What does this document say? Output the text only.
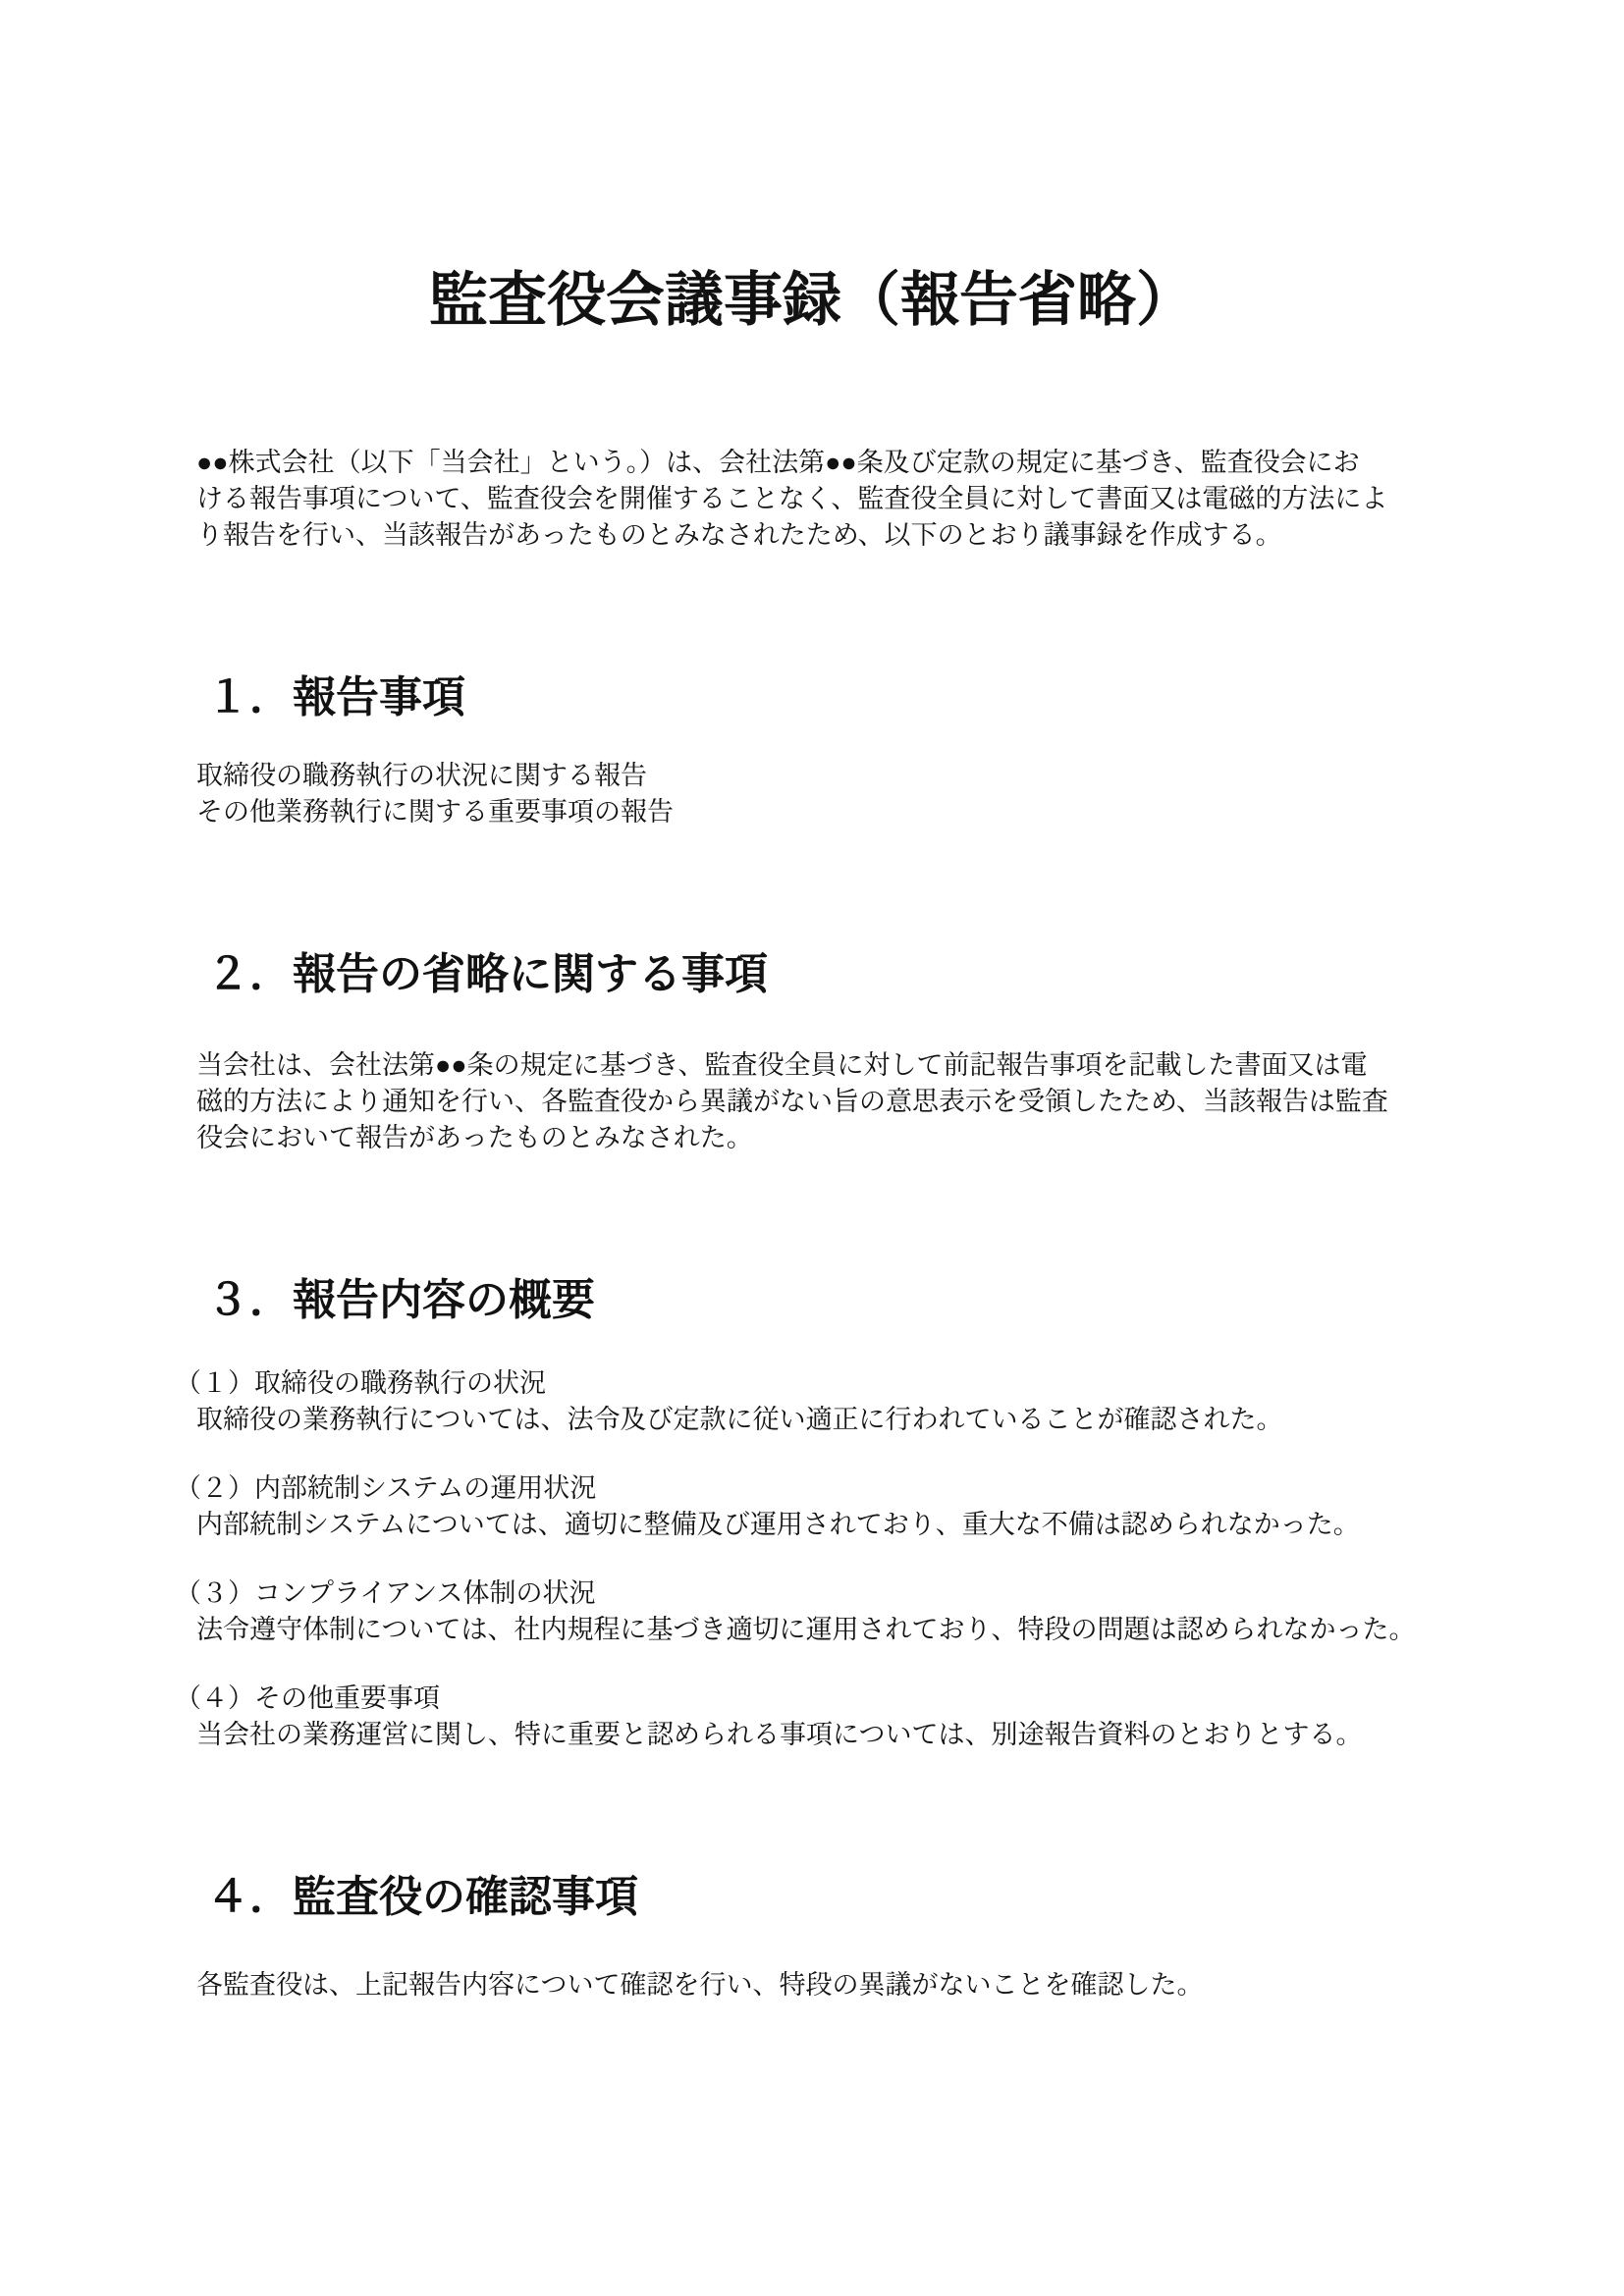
監査役会議事録（報告省略）
●●株式会社（以下「当会社」という。）は、会社法第●●条及び定款の規定に基づき、監査役会にお
ける報告事項について、監査役会を開催することなく、監査役全員に対して書面又は電磁的方法によ
り報告を行い、当該報告があったものとみなされたため、以下のとおり議事録を作成する。
１．報告事項
取締役の職務執行の状況に関する報告
その他業務執行に関する重要事項の報告
２．報告の省略に関する事項
当会社は、会社法第●●条の規定に基づき、監査役全員に対して前記報告事項を記載した書面又は電
磁的方法により通知を行い、各監査役から異議がない旨の意思表示を受領したため、当該報告は監査
役会において報告があったものとみなされた。
３．報告内容の概要
（１）取締役の職務執行の状況
取締役の業務執行については、法令及び定款に従い適正に行われていることが確認された。
（２）内部統制システムの運用状況
内部統制システムについては、適切に整備及び運用されており、重大な不備は認められなかった。
（３）コンプライアンス体制の状況
法令遵守体制については、社内規程に基づき適切に運用されており、特段の問題は認められなかった。
（４）その他重要事項
当会社の業務運営に関し、特に重要と認められる事項については、別途報告資料のとおりとする。
４．監査役の確認事項
各監査役は、上記報告内容について確認を行い、特段の異議がないことを確認した。
